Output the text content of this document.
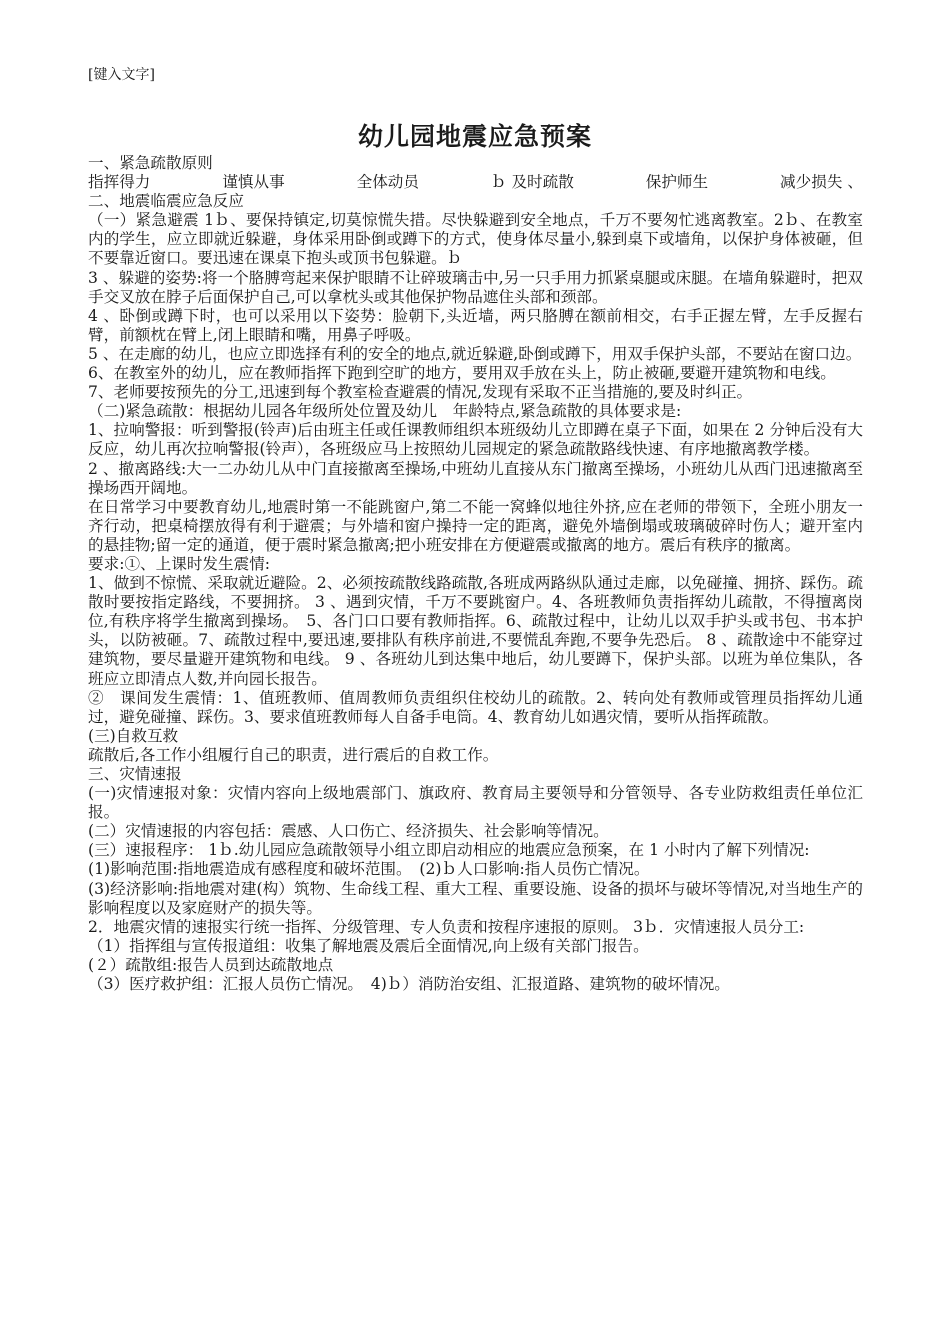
[键入文字]
幼儿园地震应急预案

一、紧急疏散原则

指挥得力	谨慎从事	全体动员	ｂ 及时疏散	保护师生	减少损失 、

二、地震临震应急反应

（一）紧急避震 1ｂ、要保持镇定,切莫惊慌失措。尽快躲避到安全地点，千万不要匆忙逃离教室。2ｂ、在教室内的学生，应立即就近躲避，身体采用卧倒或蹲下的方式，使身体尽量小,躲到桌下或墙角，以保护身体被砸，但不要靠近窗口。要迅速在课桌下抱头或顶书包躲避。ｂ

3 、躲避的姿势:将一个胳膊弯起来保护眼睛不让碎玻璃击中,另一只手用力抓紧桌腿或床腿。在墙角躲避时，把双手交叉放在脖子后面保护自己,可以拿枕头或其他保护物品遮住头部和颈部。

4 、卧倒或蹲下时，也可以采用以下姿势：脸朝下,头近墙，两只胳膊在额前相交，右手正握左臂，左手反握右臂，前额枕在臂上,闭上眼睛和嘴，用鼻子呼吸。

5 、在走廊的幼儿，也应立即选择有利的安全的地点,就近躲避,卧倒或蹲下，用双手保护头部，不要站在窗口边。

6、在教室外的幼儿，应在教师指挥下跑到空旷的地方，要用双手放在头上，防止被砸,要避开建筑物和电线。

7、老师要按预先的分工,迅速到每个教室检查避震的情况,发现有采取不正当措施的,要及时纠正。

（二)紧急疏散：根据幼儿园各年级所处位置及幼儿　年龄特点,紧急疏散的具体要求是:

1、拉响警报：听到警报(铃声)后由班主任或任课教师组织本班级幼儿立即蹲在桌子下面，如果在 2 分钟后没有大反应，幼儿再次拉响警报(铃声），各班级应马上按照幼儿园规定的紧急疏散路线快速、有序地撤离教学楼。

2 、撤离路线:大一二办幼儿从中门直接撤离至操场,中班幼儿直接从东门撤离至操场，小班幼儿从西门迅速撤离至操场西开阔地。

在日常学习中要教育幼儿,地震时第一不能跳窗户,第二不能一窝蜂似地往外挤,应在老师的带领下，全班小朋友一齐行动，把桌椅摆放得有利于避震；与外墙和窗户操持一定的距离，避免外墙倒塌或玻璃破碎时伤人；避开室内的悬挂物;留一定的通道，便于震时紧急撤离;把小班安排在方便避震或撤离的地方。震后有秩序的撤离。

要求:①、上课时发生震情:

1、做到不惊慌、采取就近避险。2、必须按疏散线路疏散,各班成两路纵队通过走廊，以免碰撞、拥挤、踩伤。疏散时要按指定路线，不要拥挤。 3 、遇到灾情，千万不要跳窗户。4、各班教师负责指挥幼儿疏散，不得擅离岗位,有秩序将学生撤离到操场。　5、各门口口要有教师指挥。6、疏散过程中，让幼儿以双手护头或书包、书本护头，以防被砸。7、疏散过程中,要迅速,要排队有秩序前进,不要慌乱奔跑,不要争先恐后。 8 、疏散途中不能穿过建筑物，要尽量避开建筑物和电线。 9 、各班幼儿到达集中地后，幼儿要蹲下，保护头部。以班为单位集队，各班应立即清点人数,并向园长报告。

②　课间发生震情：1、值班教师、值周教师负责组织住校幼儿的疏散。2、转向处有教师或管理员指挥幼儿通过，避免碰撞、踩伤。3、要求值班教师每人自备手电筒。4、教育幼儿如遇灾情，要听从指挥疏散。

(三)自救互救

疏散后,各工作小组履行自己的职责，进行震后的自救工作。

三、灾情速报

(一)灾情速报对象：灾情内容向上级地震部门、旗政府、教育局主要领导和分管领导、各专业防救组责任单位汇报。

(二）灾情速报的内容包括：震感、人口伤亡、经济损失、社会影响等情况。

(三）速报程序： 1ｂ.幼儿园应急疏散领导小组立即启动相应的地震应急预案，在 1 小时内了解下列情况:

(1)影响范围:指地震造成有感程度和破坏范围。　(2)ｂ人口影响:指人员伤亡情况。

(3)经济影响:指地震对建(构）筑物、生命线工程、重大工程、重要设施、设备的损坏与破坏等情况,对当地生产的影响程度以及家庭财产的损失等。

2．地震灾情的速报实行统一指挥、分级管理、专人负责和按程序速报的原则。 3ｂ．灾情速报人员分工:

（1）指挥组与宣传报道组：收集了解地震及震后全面情况,向上级有关部门报告。

(２）疏散组:报告人员到达疏散地点

（3）医疗救护组：汇报人员伤亡情况。　4)ｂ）消防治安组、汇报道路、建筑物的破坏情况。
